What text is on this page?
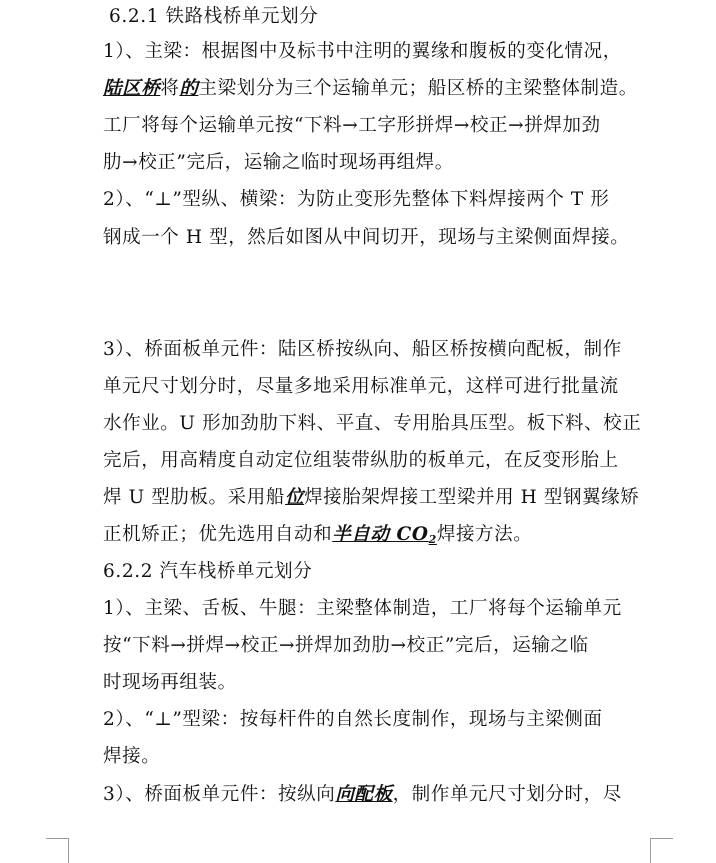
6.2.1 铁路栈桥单元划分
1）、主梁：根据图中及标书中注明的翼缘和腹板的变化情况，
陆区桥将的主梁划分为三个运输单元；船区桥的主梁整体制造。
工厂将每个运输单元按“下料→工字形拼焊→校正→拼焊加劲
肋→校正”完后，运输之临时现场再组焊。
2）、“⊥”型纵、横梁：为防止变形先整体下料焊接两个 T 形
钢成一个 H 型，然后如图从中间切开，现场与主梁侧面焊接。
3）、桥面板单元件：陆区桥按纵向、船区桥按横向配板，制作
单元尺寸划分时，尽量多地采用标准单元，这样可进行批量流
水作业。U 形加劲肋下料、平直、专用胎具压型。板下料、校正
完后，用高精度自动定位组装带纵肋的板单元，在反变形胎上
焊 U 型肋板。采用船位焊接胎架焊接工型梁并用 H 型钢翼缘矫
正机矫正；优先选用自动和半自动 $CO_2$焊接方法。
6.2.2 汽车栈桥单元划分
1）、主梁、舌板、牛腿：主梁整体制造，工厂将每个运输单元
按“下料→拼焊→校正→拼焊加劲肋→校正”完后，运输之临
时现场再组装。
2）、“⊥”型梁：按每杆件的自然长度制作，现场与主梁侧面
焊接。
3）、桥面板单元件：按纵向向配板，制作单元尺寸划分时，尽
